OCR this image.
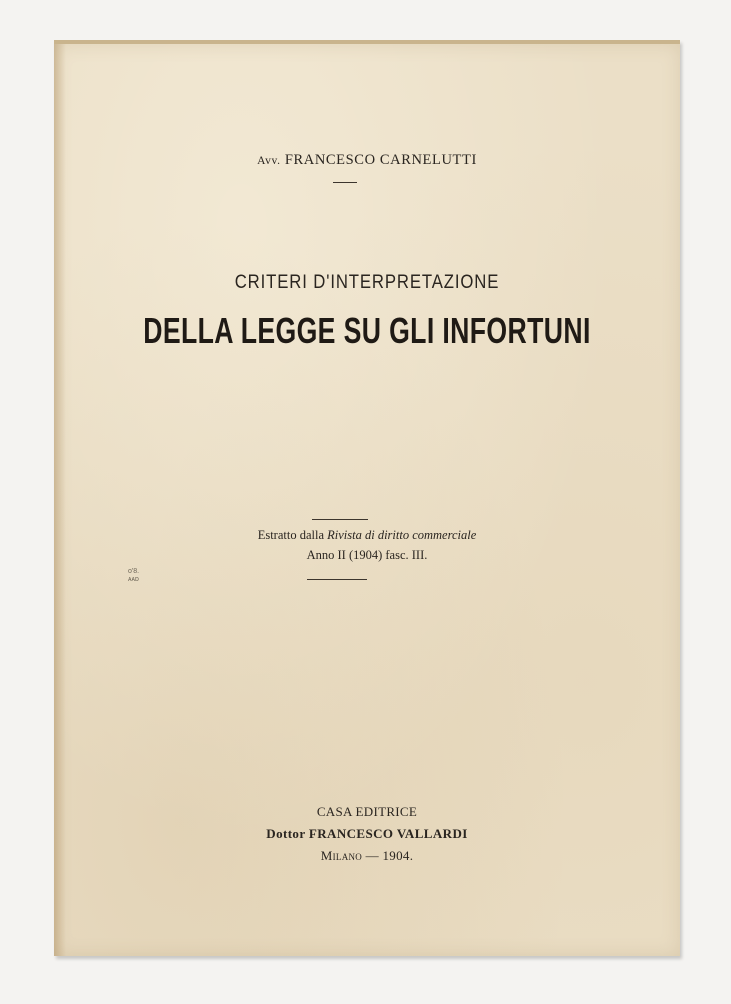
Avv. FRANCESCO CARNELUTTI
CRITERI D'INTERPRETAZIONE
DELLA LEGGE SU GLI INFORTUNI
Estratto dalla Rivista di diritto commerciale
Anno II (1904) fasc. III.
o'8.
ᴀᴀᴅ
CASA EDITRICE
Dottor FRANCESCO VALLARDI
Milano — 1904.
